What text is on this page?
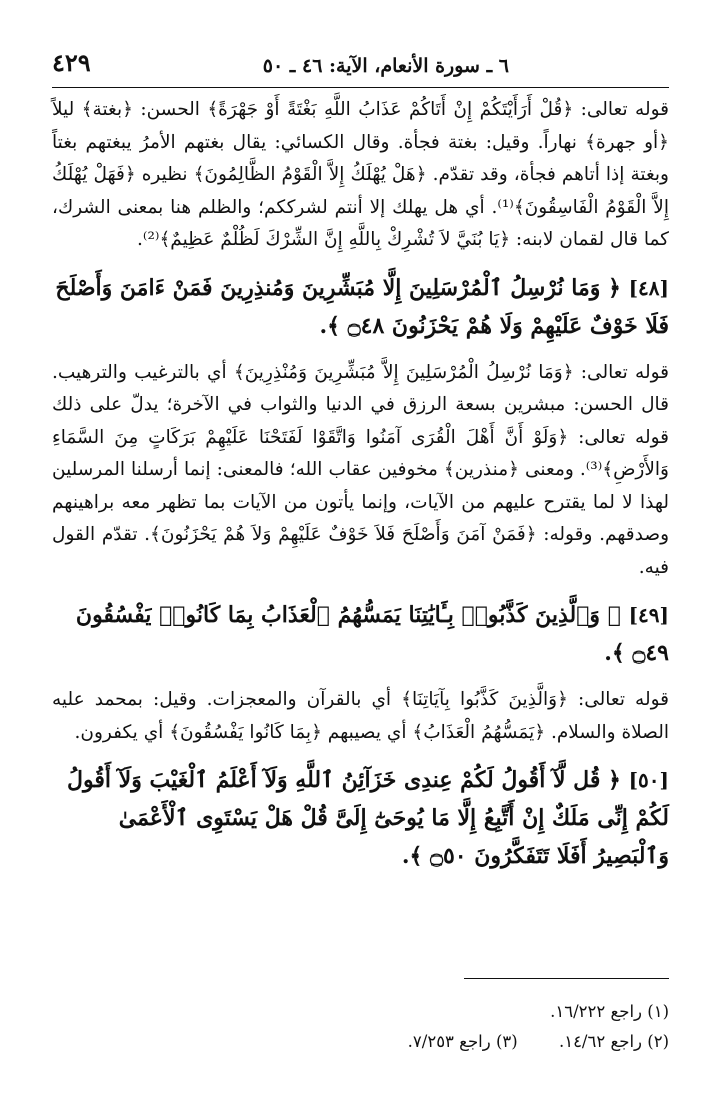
٤٢٩	٦ ـ سورة الأنعام، الآية: ٤٦ ـ ٥٠

قوله تعالى: ﴿قُلْ أَرَأَيْتَكُمْ إِنْ أَتَاكُمْ عَذَابُ اللَّهِ بَغْتَةً أَوْ جَهْرَةً﴾ الحسن: ﴿بغتة﴾ ليلاً ﴿أو جهرة﴾ نهاراً. وقيل: بغتة فجأة. وقال الكسائي: يقال بغتهم الأمرُ يبغتهم بغتاً وبغتة إذا أتاهم فجأة، وقد تقدّم. ﴿هَلْ يُهْلَكُ إِلاَّ الْقَوْمُ الظَّالِمُونَ﴾ نظيره ﴿فَهَلْ يُهْلَكُ إِلاَّ الْقَوْمُ الْفَاسِقُونَ﴾⁽¹⁾. أي هل يهلك إلا أنتم لشرككم؛ والظلم هنا بمعنى الشرك، كما قال لقمان لابنه: ﴿يَا بُنَيَّ لاَ تُشْرِكْ بِاللَّهِ إِنَّ الشِّرْكَ لَظُلْمٌ عَظِيمٌ﴾⁽²⁾.

[٤٨] ﴿ وَمَا نُرْسِلُ ٱلْمُرْسَلِينَ إِلَّا مُبَشِّرِينَ وَمُنذِرِينَ فَمَنْ ءَامَنَ وَأَصْلَحَ فَلَا خَوْفٌ عَلَيْهِمْ وَلَا هُمْ يَحْزَنُونَ ۝٤٨ ﴾.

قوله تعالى: ﴿وَمَا نُرْسِلُ الْمُرْسَلِينَ إِلاَّ مُبَشِّرِينَ وَمُنْذِرِينَ﴾ أي بالترغيب والترهيب. قال الحسن: مبشرين بسعة الرزق في الدنيا والثواب في الآخرة؛ يدلّ على ذلك قوله تعالى: ﴿وَلَوْ أَنَّ أَهْلَ الْقُرَى آمَنُوا وَاتَّقَوْا لَفَتَحْنَا عَلَيْهِمْ بَرَكَاتٍ مِنَ السَّمَاءِ وَالأَرْضِ﴾⁽³⁾. ومعنى ﴿منذرين﴾ مخوفين عقاب الله؛ فالمعنى: إنما أرسلنا المرسلين لهذا لا لما يقترح عليهم من الآيات، وإنما يأتون من الآيات بما تظهر معه براهينهم وصدقهم. وقوله: ﴿فَمَنْ آمَنَ وَأَصْلَحَ فَلاَ خَوْفٌ عَلَيْهِمْ وَلاَ هُمْ يَحْزَنُونَ﴾. تقدّم القول فيه.

[٤٩] ﴿ وَٱلَّذِينَ كَذَّبُوا۟ بِـَٔايَٰتِنَا يَمَسُّهُمُ ٱلْعَذَابُ بِمَا كَانُوا۟ يَفْسُقُونَ ۝٤٩ ﴾.

قوله تعالى: ﴿وَالَّذِينَ كَذَّبُوا بِآيَاتِنَا﴾ أي بالقرآن والمعجزات. وقيل: بمحمد عليه الصلاة والسلام. ﴿يَمَسُّهُمُ الْعَذَابُ﴾ أي يصيبهم ﴿بِمَا كَانُوا يَفْسُقُونَ﴾ أي يكفرون.

[٥٠] ﴿ قُل لَّآ أَقُولُ لَكُمْ عِندِى خَزَآئِنُ ٱللَّهِ وَلَآ أَعْلَمُ ٱلْغَيْبَ وَلَآ أَقُولُ لَكُمْ إِنِّى مَلَكٌ إِنْ أَتَّبِعُ إِلَّا مَا يُوحَىٰٓ إِلَىَّ قُلْ هَلْ يَسْتَوِى ٱلْأَعْمَىٰ وَٱلْبَصِيرُ أَفَلَا تَتَفَكَّرُونَ ۝٥٠ ﴾.

(١) راجع ١٦/٢٢٢.
(٢) راجع ١٤/٦٢. (٣) راجع ٧/٢٥٣.
